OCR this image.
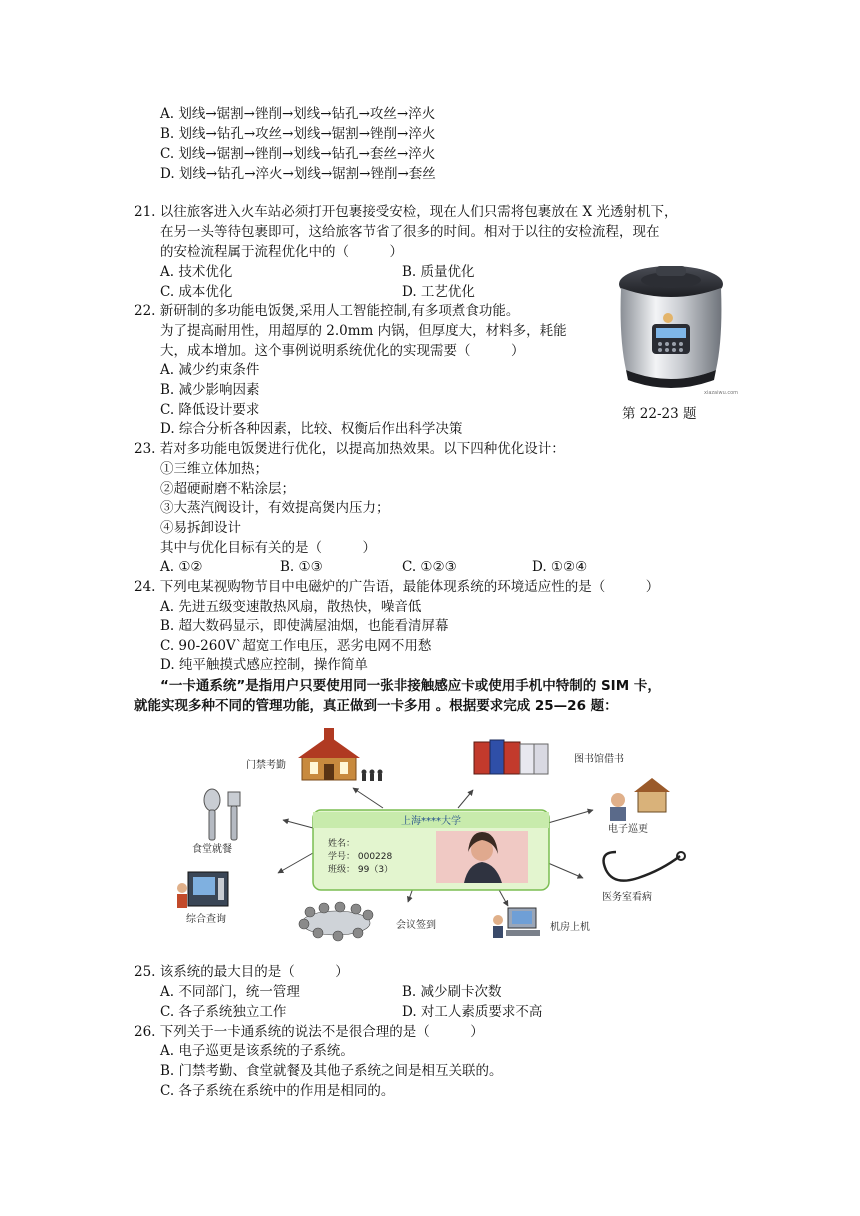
A. 划线→锯割→锉削→划线→钻孔→攻丝→淬火
B. 划线→钻孔→攻丝→划线→锯割→锉削→淬火
C. 划线→锯割→锉削→划线→钻孔→套丝→淬火
D. 划线→钻孔→淬火→划线→锯割→锉削→套丝
21. 以往旅客进入火车站必须打开包裹接受安检，现在人们只需将包裹放在 X 光透射机下，
在另一头等待包裹即可，这给旅客节省了很多的时间。相对于以往的安检流程，现在
的安检流程属于流程优化中的（　　　）
A. 技术优化	B. 质量优化
C. 成本优化	D. 工艺优化
xiazaiwu.com
第 22-23 题
22. 新研制的多功能电饭煲,采用人工智能控制,有多项煮食功能。
为了提高耐用性，用超厚的 2.0mm 内锅，但厚度大，材料多，耗能
大，成本增加。这个事例说明系统优化的实现需要（　　　）
A. 减少约束条件
B. 减少影响因素
C. 降低设计要求
D. 综合分析各种因素，比较、权衡后作出科学决策
23. 若对多功能电饭煲进行优化，以提高加热效果。以下四种优化设计：
①三维立体加热；
②超硬耐磨不粘涂层；
③大蒸汽阀设计，有效提高煲内压力；
④易拆卸设计
其中与优化目标有关的是（　　　）
A. ①②	B. ①③	C. ①②③	D. ①②④
24. 下列电某视购物节目中电磁炉的广告语，最能体现系统的环境适应性的是（　　　）
A. 先进五级变速散热风扇，散热快，噪音低
B. 超大数码显示，即使满屋油烟，也能看清屏幕
C. 90-260V`超宽工作电压，恶劣电网不用愁
D. 纯平触摸式感应控制，操作简单
“一卡通系统”是指用户只要使用同一张非接触感应卡或使用手机中特制的 SIM 卡，
就能实现多种不同的管理功能，真正做到一卡多用 。根据要求完成 25—26 题：
上海****大学
姓名：
学号： 000228
班级： 99（3）
门禁考勤
图书馆借书
电子巡更
医务室看病
机房上机
会议签到
综合查询
食堂就餐
25. 该系统的最大目的是（　　　）
A. 不同部门，统一管理	B. 减少刷卡次数
C. 各子系统独立工作	D. 对工人素质要求不高
26. 下列关于一卡通系统的说法不是很合理的是（　　　）
A. 电子巡更是该系统的子系统。
B. 门禁考勤、食堂就餐及其他子系统之间是相互关联的。
C. 各子系统在系统中的作用是相同的。
